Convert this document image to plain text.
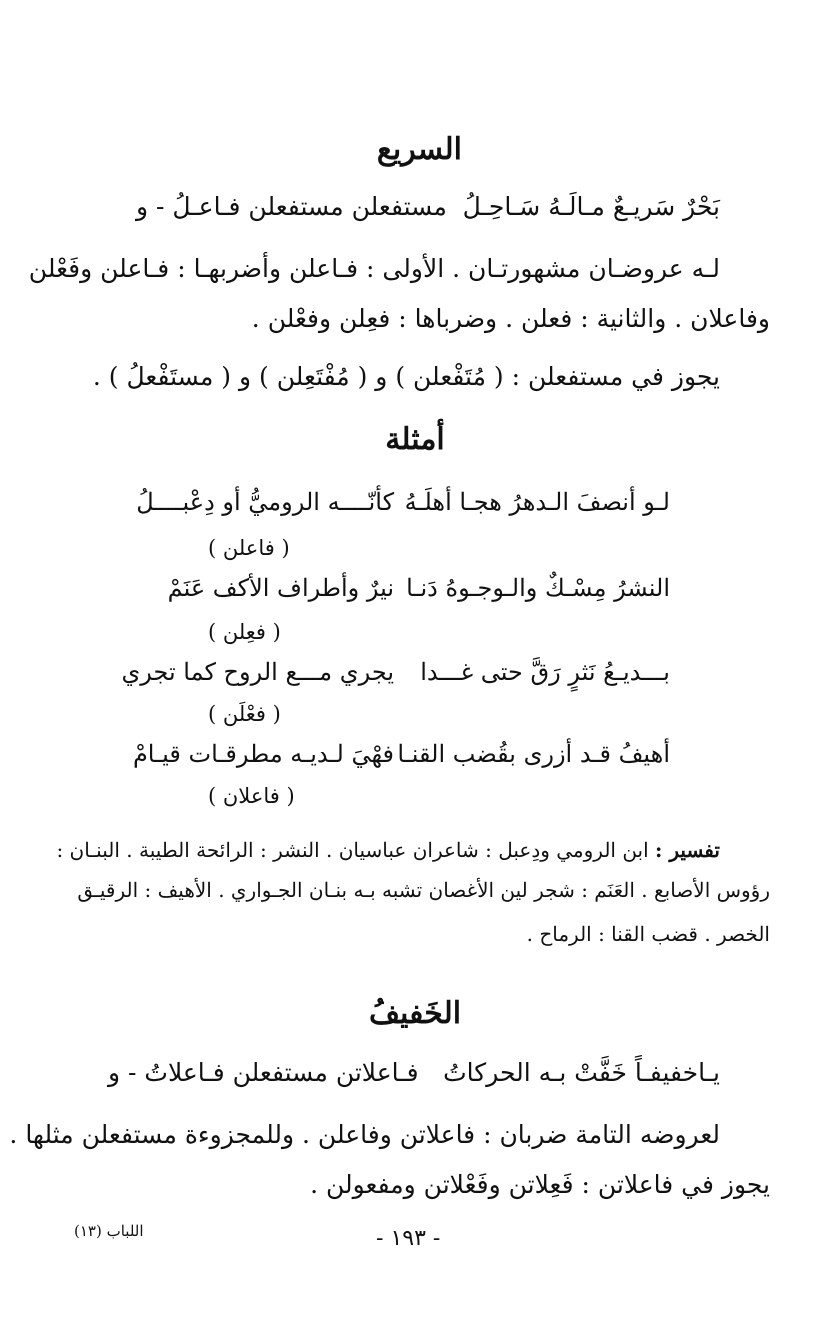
السريع
بَحْرٌ سَريـعٌ مـالَـهُ سَـاحِـلُ
مستفعلن مستفعلن فـاعـلُ - و
لـه عروضـان مشهورتـان . الأولى : فـاعلن وأضربهـا : فـاعلن وفَعْلن
وفاعلان . والثانية : فعلن . وضرباها : فعِلن وفعْلن .
يجوز في مستفعلن : ( مُتَفْعلن ) و ( مُفْتَعِلن ) و ( مستَفْعلُ ) .
أمثلة
لـو أنصفَ الـدهرُ هجـا أهلَـهُ
كأنّــــه الروميُّ أو دِعْبــــلُ
( فاعلن )
النشرُ مِسْـكٌ والـوجـوهُ دَنـا
نيرٌ وأطراف الأكف عَنَمْ
( فعِلن )
بـــديـعُ نَثرٍ رَقَّ حتى غـــدا
يجري مـــع الروح كما تجري
( فعْلَن )
أهيفُ قـد أزرى بقُضب القنـا
فهْيَ لـديـه مطرقـات قيـامْ
( فاعلان )
تفسير : ابن الرومي ودِعبل : شاعران عباسيان . النشر : الرائحة الطيبة . البنـان :
رؤوس الأصابع . العَنَم : شجر لين الأغصان تشبه بـه بنـان الجـواري . الأهيف : الرقيـق
الخصر . قضب القنا : الرماح .
الخَفيفُ
يـاخفيفـاً خَفَّتْ بـه الحركاتُ
فـاعلاتن مستفعلن فـاعلاتُ - و
لعروضه التامة ضربان : فاعلاتن وفاعلن . وللمجزوءة مستفعلن مثلها .
يجوز في فاعلاتن : فَعِلاتن وفَعْلاتن ومفعولن .
اللباب (١٣)	- ١٩٣ -
